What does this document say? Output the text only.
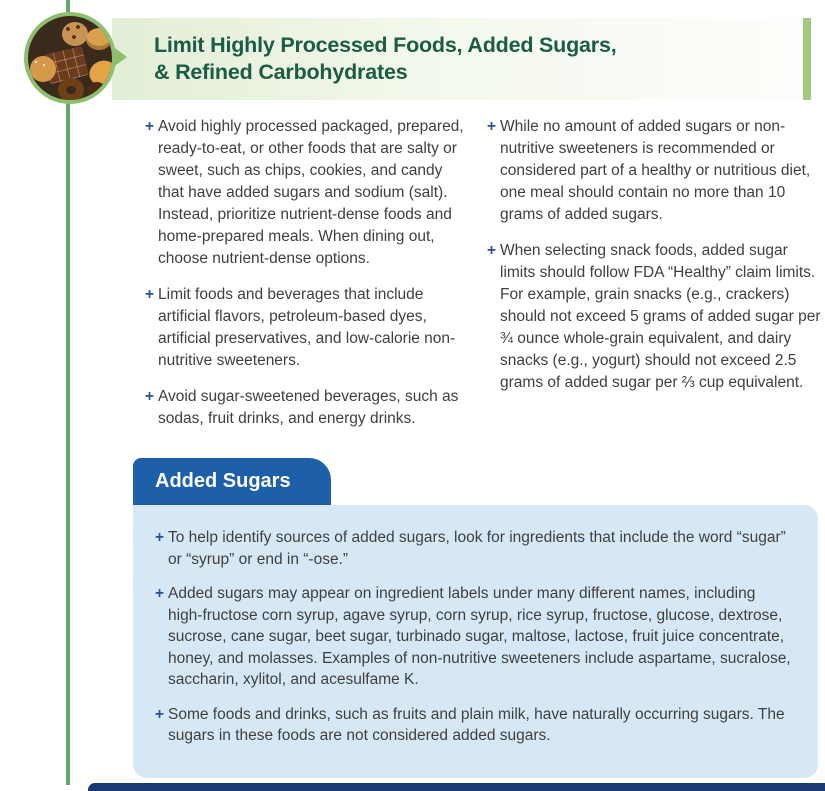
Limit Highly Processed Foods, Added Sugars,
& Refined Carbohydrates
+ Avoid highly processed packaged, prepared, ready-to-eat, or other foods that are salty or sweet, such as chips, cookies, and candy that have added sugars and sodium (salt). Instead, prioritize nutrient-dense foods and home-prepared meals. When dining out, choose nutrient-dense options.
+ Limit foods and beverages that include artificial flavors, petroleum-based dyes, artificial preservatives, and low-calorie non-nutritive sweeteners.
+ Avoid sugar-sweetened beverages, such as sodas, fruit drinks, and energy drinks.
+ While no amount of added sugars or non-nutritive sweeteners is recommended or considered part of a healthy or nutritious diet, one meal should contain no more than 10 grams of added sugars.
+ When selecting snack foods, added sugar limits should follow FDA “Healthy” claim limits. For example, grain snacks (e.g., crackers) should not exceed 5 grams of added sugar per ¾ ounce whole-grain equivalent, and dairy snacks (e.g., yogurt) should not exceed 2.5 grams of added sugar per ⅔ cup equivalent.
Added Sugars
+ To help identify sources of added sugars, look for ingredients that include the word “sugar” or “syrup” or end in “-ose.”
+ Added sugars may appear on ingredient labels under many different names, including high-fructose corn syrup, agave syrup, corn syrup, rice syrup, fructose, glucose, dextrose, sucrose, cane sugar, beet sugar, turbinado sugar, maltose, lactose, fruit juice concentrate, honey, and molasses. Examples of non-nutritive sweeteners include aspartame, sucralose, saccharin, xylitol, and acesulfame K.
+ Some foods and drinks, such as fruits and plain milk, have naturally occurring sugars. The sugars in these foods are not considered added sugars.
